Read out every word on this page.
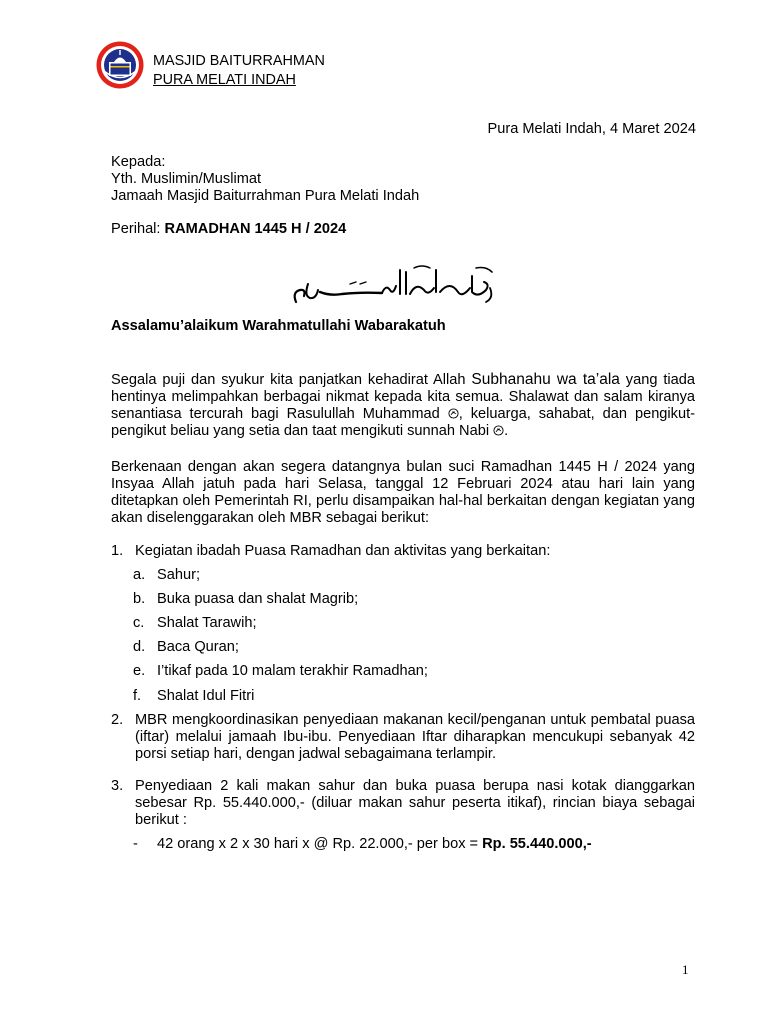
MASJID BAITURRAHMAN
PURA MELATI INDAH
Pura Melati Indah, 4 Maret 2024
Kepada:
Yth. Muslimin/Muslimat
Jamaah Masjid Baiturrahman Pura Melati Indah
Perihal: RAMADHAN 1445 H / 2024
Assalamu’alaikum Warahmatullahi Wabarakatuh
Segala puji dan syukur kita panjatkan kehadirat Allah Subhanahu wa ta’ala yang tiada hentinya melimpahkan berbagai nikmat kepada kita semua. Shalawat dan salam kiranya senantiasa tercurah bagi Rasulullah Muhammad , keluarga, sahabat, dan pengikut-pengikut beliau yang setia dan taat mengikuti sunnah Nabi .
Berkenaan dengan akan segera datangnya bulan suci Ramadhan 1445 H / 2024 yang Insyaa Allah jatuh pada hari Selasa, tanggal 12 Februari 2024 atau hari lain yang ditetapkan oleh Pemerintah RI, perlu disampaikan hal-hal berkaitan dengan kegiatan yang akan diselenggarakan oleh MBR sebagai berikut:
1. Kegiatan ibadah Puasa Ramadhan dan aktivitas yang berkaitan:
a. Sahur;
b. Buka puasa dan shalat Magrib;
c. Shalat Tarawih;
d. Baca Quran;
e. I’tikaf pada 10 malam terakhir Ramadhan;
f. Shalat Idul Fitri
2. MBR mengkoordinasikan penyediaan makanan kecil/penganan untuk pembatal puasa (iftar) melalui jamaah Ibu-ibu. Penyediaan Iftar diharapkan mencukupi sebanyak 42 porsi setiap hari, dengan jadwal sebagaimana terlampir.
3. Penyediaan 2 kali makan sahur dan buka puasa berupa nasi kotak dianggarkan sebesar Rp. 55.440.000,- (diluar makan sahur peserta itikaf), rincian biaya sebagai berikut :
- 42 orang x 2 x 30 hari x @ Rp. 22.000,- per box = Rp. 55.440.000,-
1
